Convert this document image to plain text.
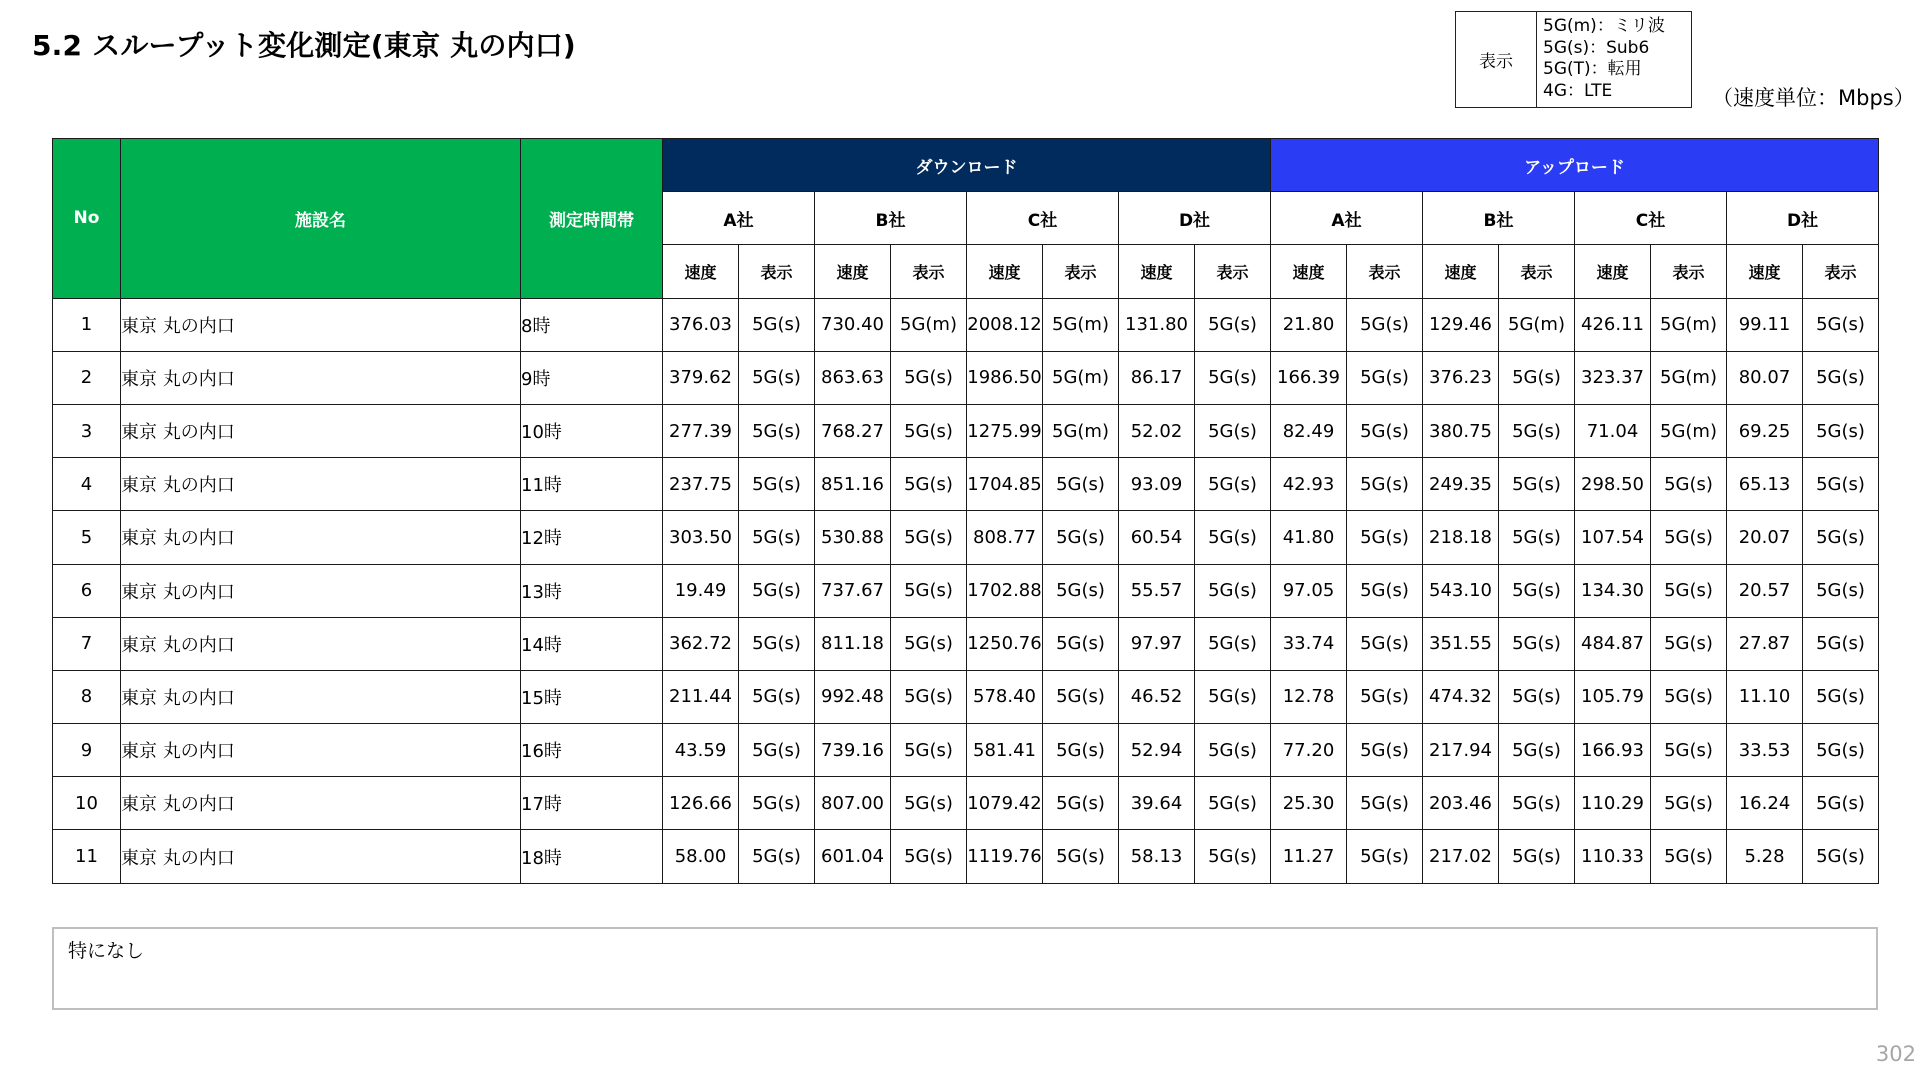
5.2 スループット変化測定(東京 丸の内口)	表示
5G(m)：ミリ波
5G(s)：Sub6
5G(T)：転用
4G：LTE	（速度単位：Mbps）
No	施設名	測定時間帯	ダウンロード								アップロード							
			A社		B社		C社		D社		A社		B社		C社		D社	
			速度	表示	速度	表示	速度	表示	速度	表示	速度	表示	速度	表示	速度	表示	速度	表示
1	東京 丸の内口	8時	376.03	5G(s)	730.40	5G(m)	2008.12	5G(m)	131.80	5G(s)	21.80	5G(s)	129.46	5G(m)	426.11	5G(m)	99.11	5G(s)
2	東京 丸の内口	9時	379.62	5G(s)	863.63	5G(s)	1986.50	5G(m)	86.17	5G(s)	166.39	5G(s)	376.23	5G(s)	323.37	5G(m)	80.07	5G(s)
3	東京 丸の内口	10時	277.39	5G(s)	768.27	5G(s)	1275.99	5G(m)	52.02	5G(s)	82.49	5G(s)	380.75	5G(s)	71.04	5G(m)	69.25	5G(s)
4	東京 丸の内口	11時	237.75	5G(s)	851.16	5G(s)	1704.85	5G(s)	93.09	5G(s)	42.93	5G(s)	249.35	5G(s)	298.50	5G(s)	65.13	5G(s)
5	東京 丸の内口	12時	303.50	5G(s)	530.88	5G(s)	808.77	5G(s)	60.54	5G(s)	41.80	5G(s)	218.18	5G(s)	107.54	5G(s)	20.07	5G(s)
6	東京 丸の内口	13時	19.49	5G(s)	737.67	5G(s)	1702.88	5G(s)	55.57	5G(s)	97.05	5G(s)	543.10	5G(s)	134.30	5G(s)	20.57	5G(s)
7	東京 丸の内口	14時	362.72	5G(s)	811.18	5G(s)	1250.76	5G(s)	97.97	5G(s)	33.74	5G(s)	351.55	5G(s)	484.87	5G(s)	27.87	5G(s)
8	東京 丸の内口	15時	211.44	5G(s)	992.48	5G(s)	578.40	5G(s)	46.52	5G(s)	12.78	5G(s)	474.32	5G(s)	105.79	5G(s)	11.10	5G(s)
9	東京 丸の内口	16時	43.59	5G(s)	739.16	5G(s)	581.41	5G(s)	52.94	5G(s)	77.20	5G(s)	217.94	5G(s)	166.93	5G(s)	33.53	5G(s)
10	東京 丸の内口	17時	126.66	5G(s)	807.00	5G(s)	1079.42	5G(s)	39.64	5G(s)	25.30	5G(s)	203.46	5G(s)	110.29	5G(s)	16.24	5G(s)
11	東京 丸の内口	18時	58.00	5G(s)	601.04	5G(s)	1119.76	5G(s)	58.13	5G(s)	11.27	5G(s)	217.02	5G(s)	110.33	5G(s)	5.28	5G(s)
特になし
302
